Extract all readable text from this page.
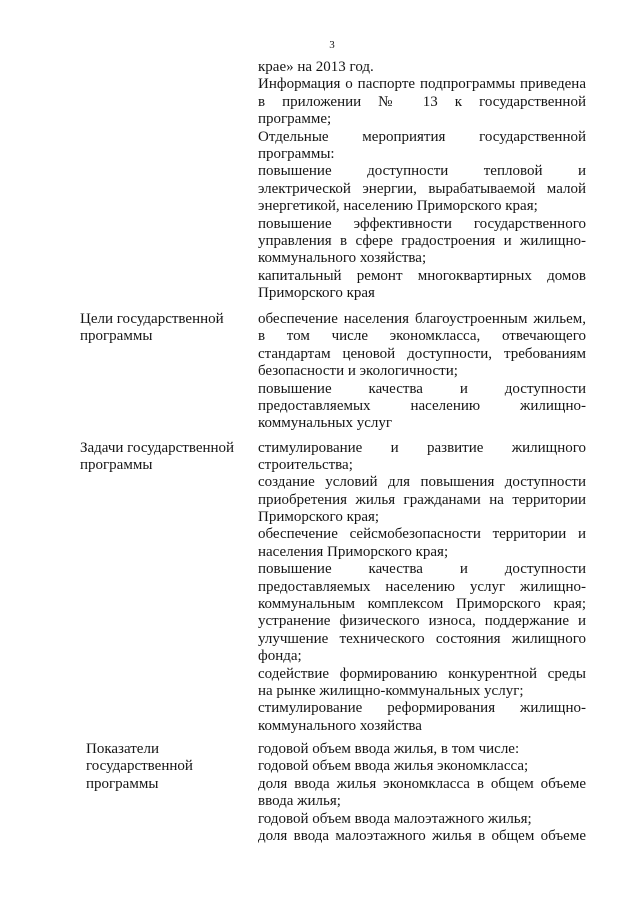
3
крае» на 2013 год.
Информация о паспорте подпрограммы приведена
в приложении № 13 к государственной
программе;
Отдельные мероприятия государственной
программы:
повышение доступности тепловой и
электрической энергии, вырабатываемой малой
энергетикой, населению Приморского края;
повышение эффективности государственного
управления в сфере градостроения и жилищно-
коммунального хозяйства;
капитальный ремонт многоквартирных домов
Приморского края
Цели государственной
программы
обеспечение населения благоустроенным жильем,
в том числе экономкласса, отвечающего
стандартам ценовой доступности, требованиям
безопасности и экологичности;
повышение качества и доступности
предоставляемых населению жилищно-
коммунальных услуг
Задачи государственной
программы
стимулирование и развитие жилищного
строительства;
создание условий для повышения доступности
приобретения жилья гражданами на территории
Приморского края;
обеспечение сейсмобезопасности территории и
населения Приморского края;
повышение качества и доступности
предоставляемых населению услуг жилищно-
коммунальным комплексом Приморского края;
устранение физического износа, поддержание и
улучшение технического состояния жилищного
фонда;
содействие формированию конкурентной среды
на рынке жилищно-коммунальных услуг;
стимулирование реформирования жилищно-
коммунального хозяйства
Показатели
государственной
программы
годовой объем ввода жилья, в том числе:
годовой объем ввода жилья экономкласса;
доля ввода жилья экономкласса в общем объеме
ввода жилья;
годовой объем ввода малоэтажного жилья;
доля ввода малоэтажного жилья в общем объеме
